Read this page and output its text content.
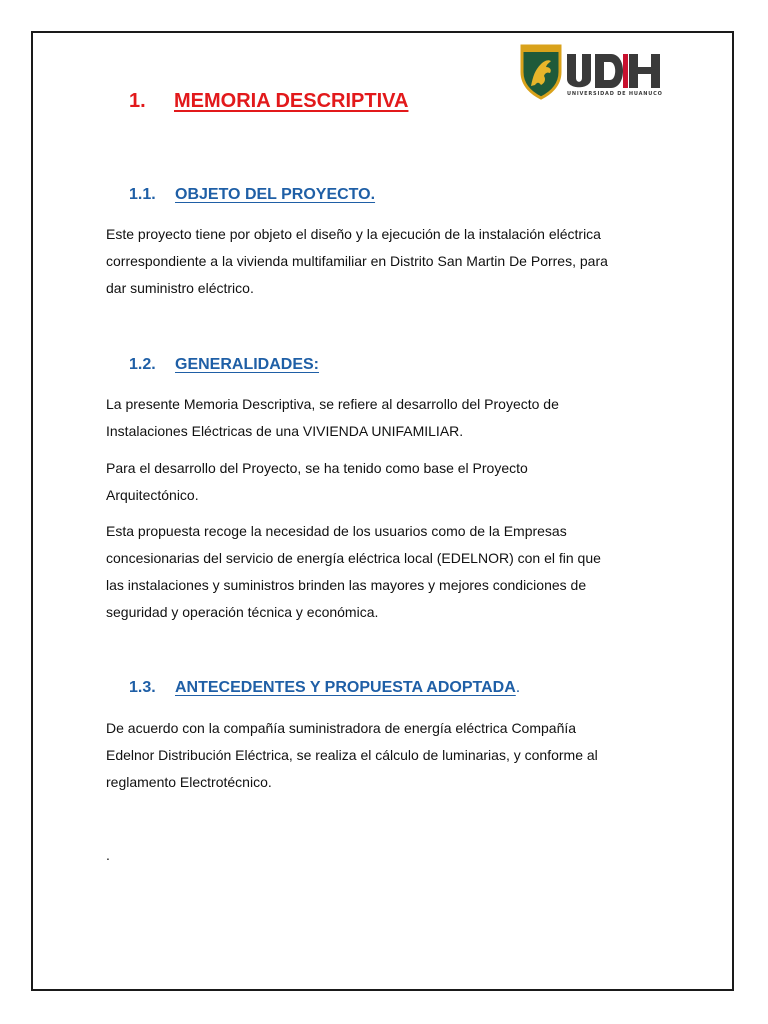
UNIVERSIDAD DE HUANUCO
1. MEMORIA DESCRIPTIVA
1.1. OBJETO DEL PROYECTO.
Este proyecto tiene por objeto el diseño y la ejecución de la instalación eléctrica
correspondiente a la vivienda multifamiliar en Distrito San Martin De Porres, para
dar suministro eléctrico.
1.2. GENERALIDADES:
La presente Memoria Descriptiva, se refiere al desarrollo del Proyecto de
Instalaciones Eléctricas de una VIVIENDA UNIFAMILIAR.
Para el desarrollo del Proyecto, se ha tenido como base el Proyecto
Arquitectónico.
Esta propuesta recoge la necesidad de los usuarios como de la Empresas
concesionarias del servicio de energía eléctrica local (EDELNOR) con el fin que
las instalaciones y suministros brinden las mayores y mejores condiciones de
seguridad y operación técnica y económica.
1.3. ANTECEDENTES Y PROPUESTA ADOPTADA.
De acuerdo con la compañía suministradora de energía eléctrica Compañía
Edelnor Distribución Eléctrica, se realiza el cálculo de luminarias, y conforme al
reglamento Electrotécnico.
.
